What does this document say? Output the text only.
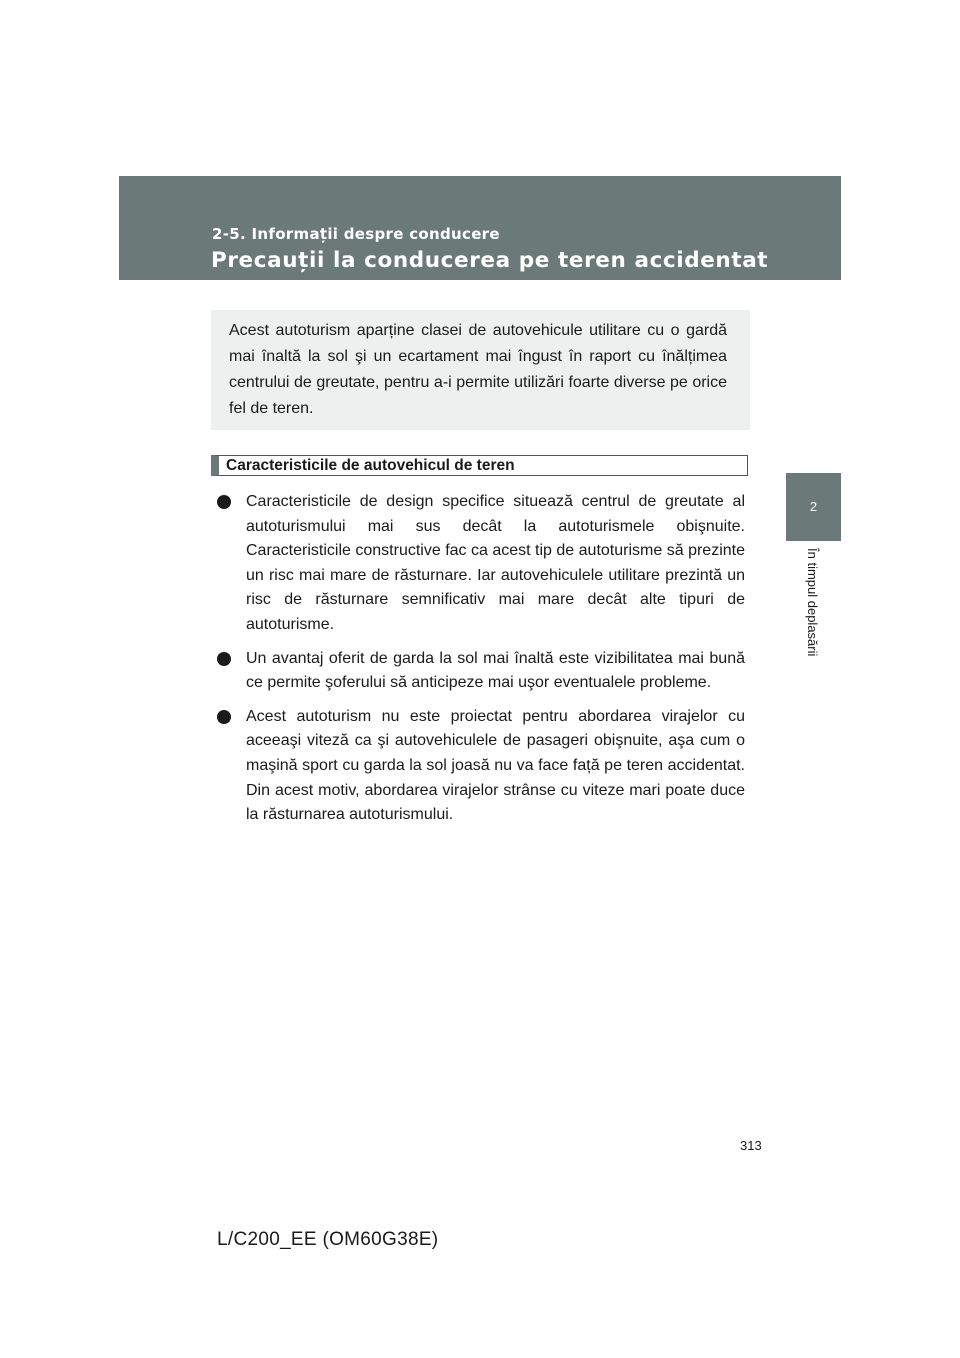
2-5. Informații despre conducere
Precauții la conducerea pe teren accidentat
2
În timpul deplasării

Acest autoturism aparține clasei de autovehicule utilitare cu o gardă mai înaltă la sol şi un ecartament mai îngust în raport cu înălțimea centrului de greutate, pentru a-i permite utilizări foarte diverse pe orice fel de teren.

Caracteristicile de autovehicul de teren
Caracteristicile de design specifice situează centrul de greutate al autoturismului mai sus decât la autoturismele obişnuite. Caracteristicile constructive fac ca acest tip de autoturisme să prezinte un risc mai mare de răsturnare. Iar autovehiculele utilitare prezintă un risc de răsturnare semnificativ mai mare decât alte tipuri de autoturisme.
Un avantaj oferit de garda la sol mai înaltă este vizibilitatea mai bună ce permite şoferului să anticipeze mai uşor eventualele probleme.
Acest autoturism nu este proiectat pentru abordarea virajelor cu aceeaşi viteză ca şi autovehiculele de pasageri obişnuite, aşa cum o maşină sport cu garda la sol joasă nu va face față pe teren accidentat. Din acest motiv, abordarea virajelor strânse cu viteze mari poate duce la răsturnarea autoturismului.
313
L/C200_EE (OM60G38E)
